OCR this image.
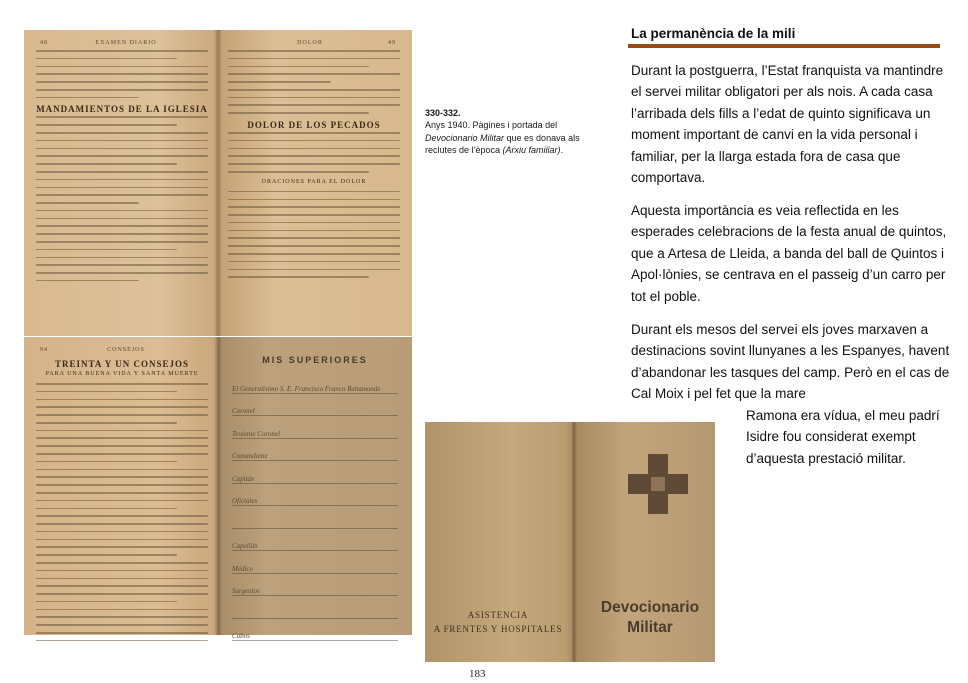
48	EXAMEN DIARIO
MANDAMIENTOS DE LA IGLESIA
DOLOR	49
DOLOR DE LOS PECADOS
ORACIONES PARA EL DOLOR
94	CONSEJOS
TREINTA Y UN CONSEJOS
PARA UNA BUENA VIDA Y SANTA MUERTE
MIS SUPERIORES
El Generalísimo S. E. Francisco Franco Bahamonde
Coronel
Teniente Coronel
Comandante
Capitán
Oficiales
Capellán
Médico
Sargentos
Cabos
Devocionario
Militar
ASISTENCIA
A FRENTES Y HOSPITALES
330-332.
Anys 1940. Pàgines i portada del Devocionario Militar que es donava als reclutes de l’època (Arxiu familiar).
La permanència de la mili

Durant la postguerra, l’Estat franquista va mantindre el servei militar obligatori per als nois. A cada casa l’arribada dels fills a l’edat de quinto significava un moment important de canvi en la vida personal i familiar, per la llarga estada fora de casa que comportava.

Aquesta importància es veia reflectida en les esperades celebracions de la festa anual de quintos, que a Artesa de Lleida, a banda del ball de Quintos i Apol·lònies, se centrava en el passeig d’un carro per tot el poble.

Durant els mesos del servei els joves marxaven a destinacions sovint llunyanes a les Espanyes, havent d’abandonar les tasques del camp. Però en el cas de Cal Moix i pel fet que la mare

Ramona era vídua, el meu padrí Isidre fou considerat exempt d’aquesta prestació militar.

183
